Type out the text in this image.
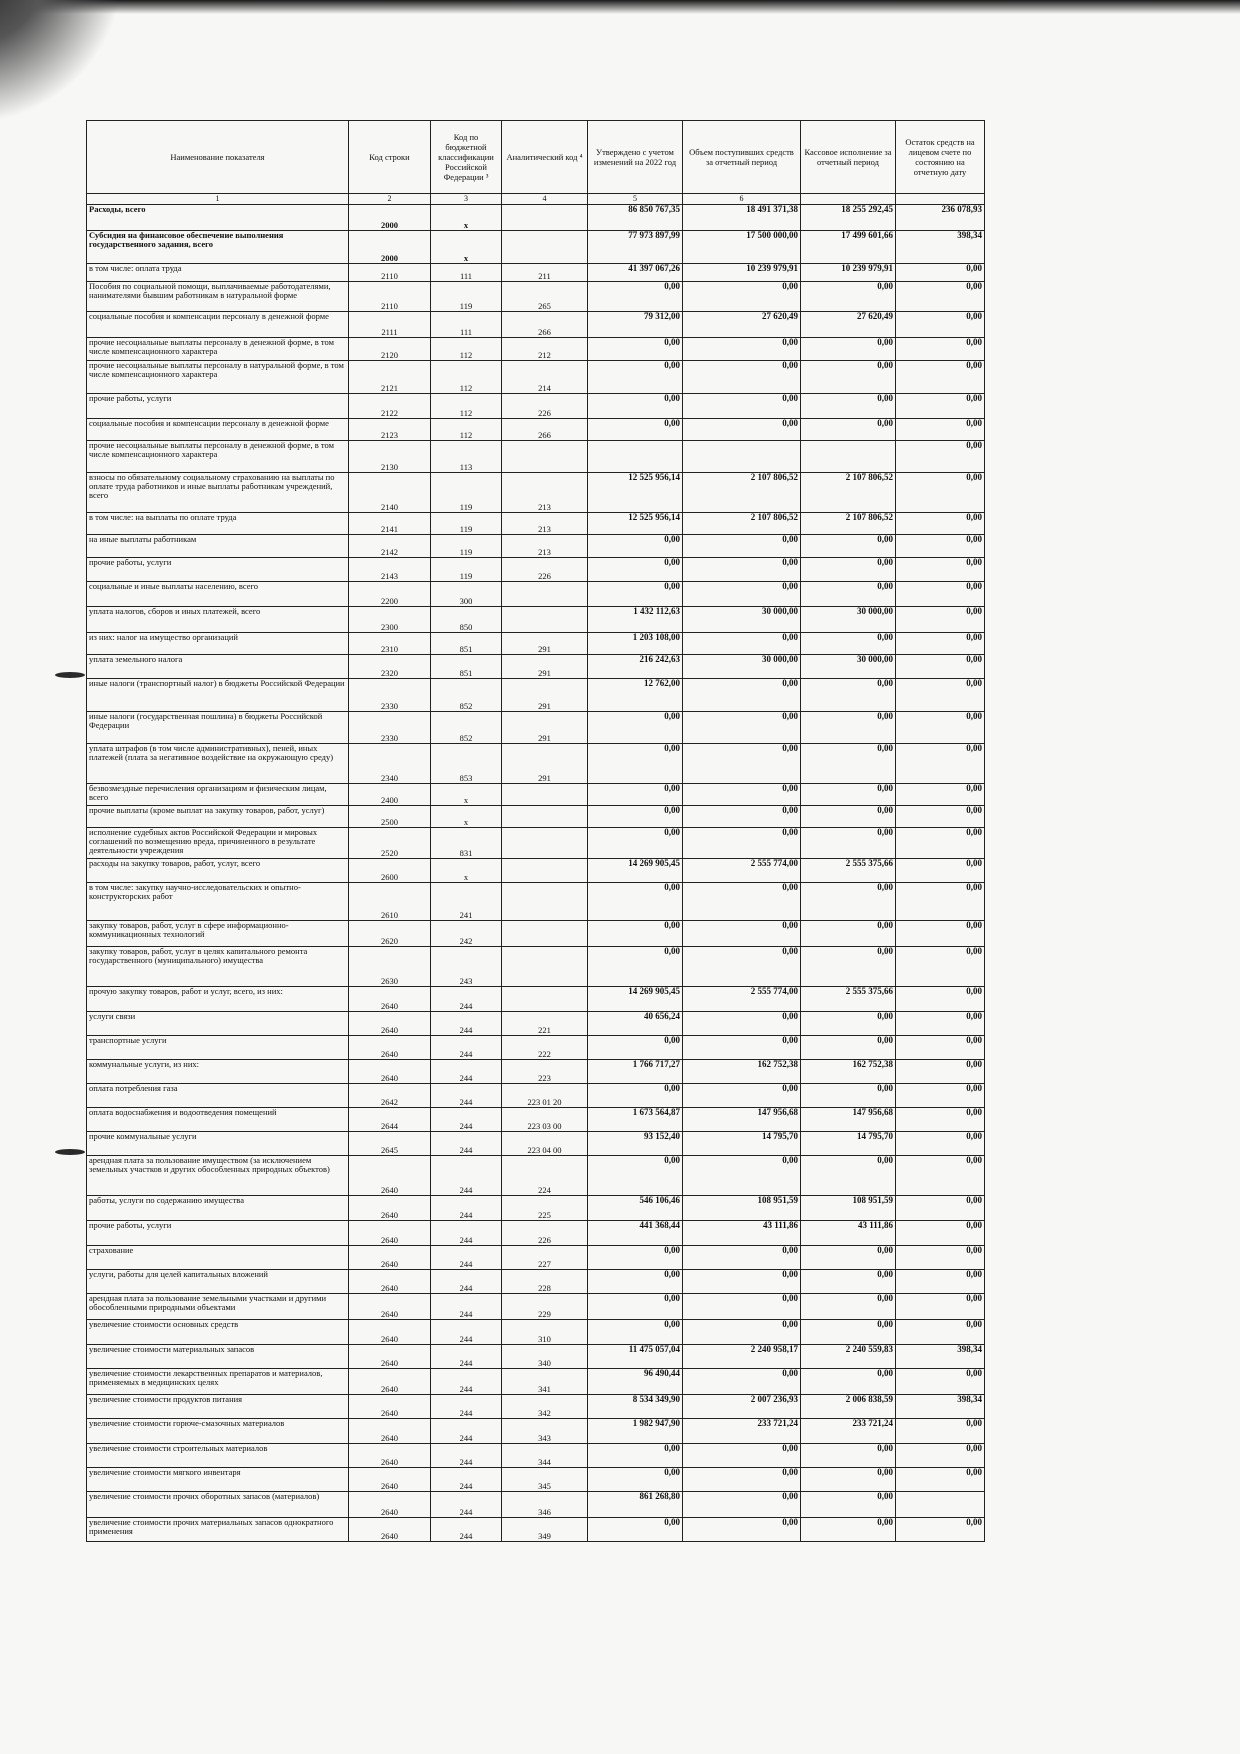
Наименование показателя	Код строки	Код по бюджетной классификации Российской Федерации ³	Аналитический код ⁴	Утверждено с учетом изменений на 2022 год	Объем поступивших средств за отчетный период	Кассовое исполнение за отчетный период	Остаток средств на лицевом счете по состоянию на отчетную дату
1	2	3	4	5	6		
Расходы, всего	2000	x		86 850 767,35	18 491 371,38	18 255 292,45	236 078,93
Субсидия на финансовое обеспечение выполнения государственного задания, всего	2000	x		77 973 897,99	17 500 000,00	17 499 601,66	398,34
в том числе: оплата труда	2110	111	211	41 397 067,26	10 239 979,91	10 239 979,91	0,00
Пособия по социальной помощи, выплачиваемые работодателями, нанимателями бывшим работникам в натуральной форме	2110	119	265	0,00	0,00	0,00	0,00
социальные пособия и компенсации персоналу в денежной форме	2111	111	266	79 312,00	27 620,49	27 620,49	0,00
прочие несоциальные выплаты персоналу в денежной форме, в том числе компенсационного характера	2120	112	212	0,00	0,00	0,00	0,00
прочие несоциальные выплаты персоналу в натуральной форме, в том числе компенсационного характера	2121	112	214	0,00	0,00	0,00	0,00
прочие работы, услуги	2122	112	226	0,00	0,00	0,00	0,00
социальные пособия и компенсации персоналу в денежной форме	2123	112	266	0,00	0,00	0,00	0,00
прочие несоциальные выплаты персоналу в денежной форме, в том числе компенсационного характера	2130	113					0,00
взносы по обязательному социальному страхованию на выплаты по оплате труда работников и иные выплаты работникам учреждений, всего	2140	119	213	12 525 956,14	2 107 806,52	2 107 806,52	0,00
в том числе: на выплаты по оплате труда	2141	119	213	12 525 956,14	2 107 806,52	2 107 806,52	0,00
на иные выплаты работникам	2142	119	213	0,00	0,00	0,00	0,00
прочие работы, услуги	2143	119	226	0,00	0,00	0,00	0,00
социальные и иные выплаты населению, всего	2200	300		0,00	0,00	0,00	0,00
уплата налогов, сборов и иных платежей, всего	2300	850		1 432 112,63	30 000,00	30 000,00	0,00
из них: налог на имущество организаций	2310	851	291	1 203 108,00	0,00	0,00	0,00
уплата земельного налога	2320	851	291	216 242,63	30 000,00	30 000,00	0,00
иные налоги (транспортный налог) в бюджеты Российской Федерации	2330	852	291	12 762,00	0,00	0,00	0,00
иные налоги (государственная пошлина) в бюджеты Российской Федерации	2330	852	291	0,00	0,00	0,00	0,00
уплата штрафов (в том числе административных), пеней, иных платежей (плата за негативное воздействие на окружающую среду)	2340	853	291	0,00	0,00	0,00	0,00
безвозмездные перечисления организациям и физическим лицам, всего	2400	x		0,00	0,00	0,00	0,00
прочие выплаты (кроме выплат на закупку товаров, работ, услуг)	2500	x		0,00	0,00	0,00	0,00
исполнение судебных актов Российской Федерации и мировых соглашений по возмещению вреда, причиненного в результате деятельности учреждения	2520	831		0,00	0,00	0,00	0,00
расходы на закупку товаров, работ, услуг, всего	2600	x		14 269 905,45	2 555 774,00	2 555 375,66	0,00
в том числе: закупку научно-исследовательских и опытно-конструкторских работ	2610	241		0,00	0,00	0,00	0,00
закупку товаров, работ, услуг в сфере информационно-коммуникационных технологий	2620	242		0,00	0,00	0,00	0,00
закупку товаров, работ, услуг в целях капитального ремонта государственного (муниципального) имущества	2630	243		0,00	0,00	0,00	0,00
прочую закупку товаров, работ и услуг, всего, из них:	2640	244		14 269 905,45	2 555 774,00	2 555 375,66	0,00
услуги связи	2640	244	221	40 656,24	0,00	0,00	0,00
транспортные услуги	2640	244	222	0,00	0,00	0,00	0,00
коммунальные услуги, из них:	2640	244	223	1 766 717,27	162 752,38	162 752,38	0,00
оплата потребления газа	2642	244	223 01 20	0,00	0,00	0,00	0,00
оплата водоснабжения и водоотведения помещений	2644	244	223 03 00	1 673 564,87	147 956,68	147 956,68	0,00
прочие коммунальные услуги	2645	244	223 04 00	93 152,40	14 795,70	14 795,70	0,00
арендная плата за пользование имуществом (за исключением земельных участков и других обособленных природных объектов)	2640	244	224	0,00	0,00	0,00	0,00
работы, услуги по содержанию имущества	2640	244	225	546 106,46	108 951,59	108 951,59	0,00
прочие работы, услуги	2640	244	226	441 368,44	43 111,86	43 111,86	0,00
страхование	2640	244	227	0,00	0,00	0,00	0,00
услуги, работы для целей капитальных вложений	2640	244	228	0,00	0,00	0,00	0,00
арендная плата за пользование земельными участками и другими обособленными природными объектами	2640	244	229	0,00	0,00	0,00	0,00
увеличение стоимости основных средств	2640	244	310	0,00	0,00	0,00	0,00
увеличение стоимости материальных запасов	2640	244	340	11 475 057,04	2 240 958,17	2 240 559,83	398,34
увеличение стоимости лекарственных препаратов и материалов, применяемых в медицинских целях	2640	244	341	96 490,44	0,00	0,00	0,00
увеличение стоимости продуктов питания	2640	244	342	8 534 349,90	2 007 236,93	2 006 838,59	398,34
увеличение стоимости горюче-смазочных материалов	2640	244	343	1 982 947,90	233 721,24	233 721,24	0,00
увеличение стоимости строительных материалов	2640	244	344	0,00	0,00	0,00	0,00
увеличение стоимости мягкого инвентаря	2640	244	345	0,00	0,00	0,00	0,00
увеличение стоимости прочих оборотных запасов (материалов)	2640	244	346	861 268,80	0,00	0,00	
увеличение стоимости прочих материальных запасов однократного применения	2640	244	349	0,00	0,00	0,00	0,00
